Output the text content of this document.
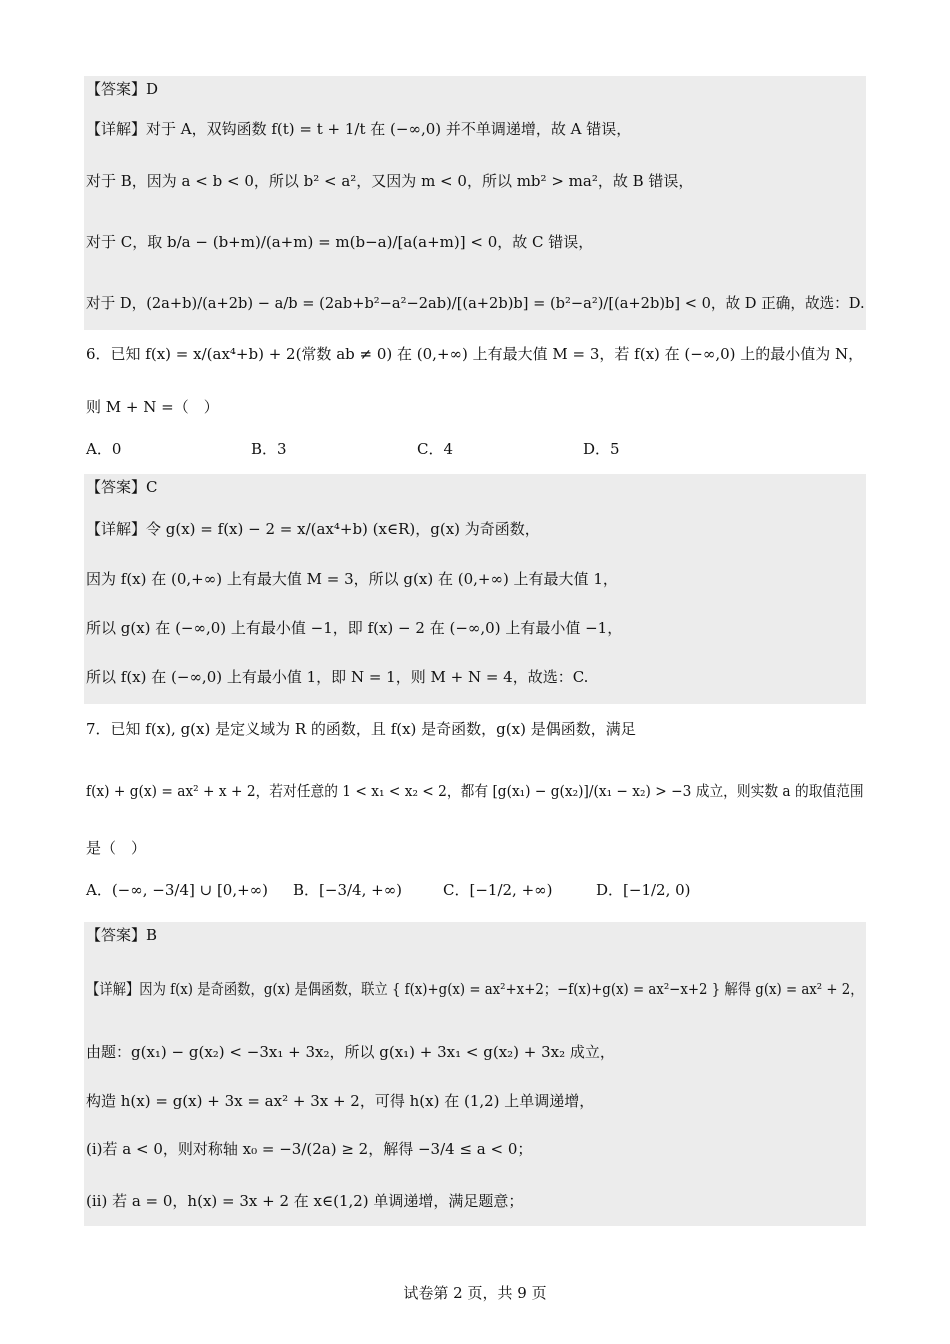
【答案】D
【详解】对于 A，双钩函数 f(t) = t + 1/t 在 (−∞,0) 并不单调递增，故 A 错误，
对于 B，因为 a < b < 0，所以 b² < a²，又因为 m < 0，所以 mb² > ma²，故 B 错误，
对于 C，取 b/a − (b+m)/(a+m) = m(b−a)/[a(a+m)] < 0，故 C 错误，
对于 D，(2a+b)/(a+2b) − a/b = (2ab+b²−a²−2ab)/[(a+2b)b] = (b²−a²)/[(a+2b)b] < 0，故 D 正确，故选：D.
6．已知 f(x) = x/(ax⁴+b) + 2(常数 ab ≠ 0) 在 (0,+∞) 上有最大值 M = 3，若 f(x) 在 (−∞,0) 上的最小值为 N，
则 M + N =（　）
A．0	B．3	C．4	D．5
【答案】C
【详解】令 g(x) = f(x) − 2 = x/(ax⁴+b) (x∈R)，g(x) 为奇函数，
因为 f(x) 在 (0,+∞) 上有最大值 M = 3，所以 g(x) 在 (0,+∞) 上有最大值 1，
所以 g(x) 在 (−∞,0) 上有最小值 −1，即 f(x) − 2 在 (−∞,0) 上有最小值 −1，
所以 f(x) 在 (−∞,0) 上有最小值 1，即 N = 1，则 M + N = 4，故选：C.
7．已知 f(x), g(x) 是定义域为 R 的函数，且 f(x) 是奇函数，g(x) 是偶函数，满足
f(x) + g(x) = ax² + x + 2，若对任意的 1 < x₁ < x₂ < 2，都有 [g(x₁) − g(x₂)]/(x₁ − x₂) > −3 成立，则实数 a 的取值范围
是（　）
A．(−∞, −3/4] ∪ [0,+∞) B．[−3/4, +∞)	C．[−1/2, +∞)	D．[−1/2, 0)
【答案】B
【详解】因为 f(x) 是奇函数，g(x) 是偶函数，联立 { f(x)+g(x) = ax²+x+2；−f(x)+g(x) = ax²−x+2 } 解得 g(x) = ax² + 2，
由题：g(x₁) − g(x₂) < −3x₁ + 3x₂，所以 g(x₁) + 3x₁ < g(x₂) + 3x₂ 成立，
构造 h(x) = g(x) + 3x = ax² + 3x + 2，可得 h(x) 在 (1,2) 上单调递增，
(i)若 a < 0，则对称轴 x₀ = −3/(2a) ≥ 2，解得 −3/4 ≤ a < 0；
(ii) 若 a = 0，h(x) = 3x + 2 在 x∈(1,2) 单调递增，满足题意；
试卷第 2 页，共 9 页
